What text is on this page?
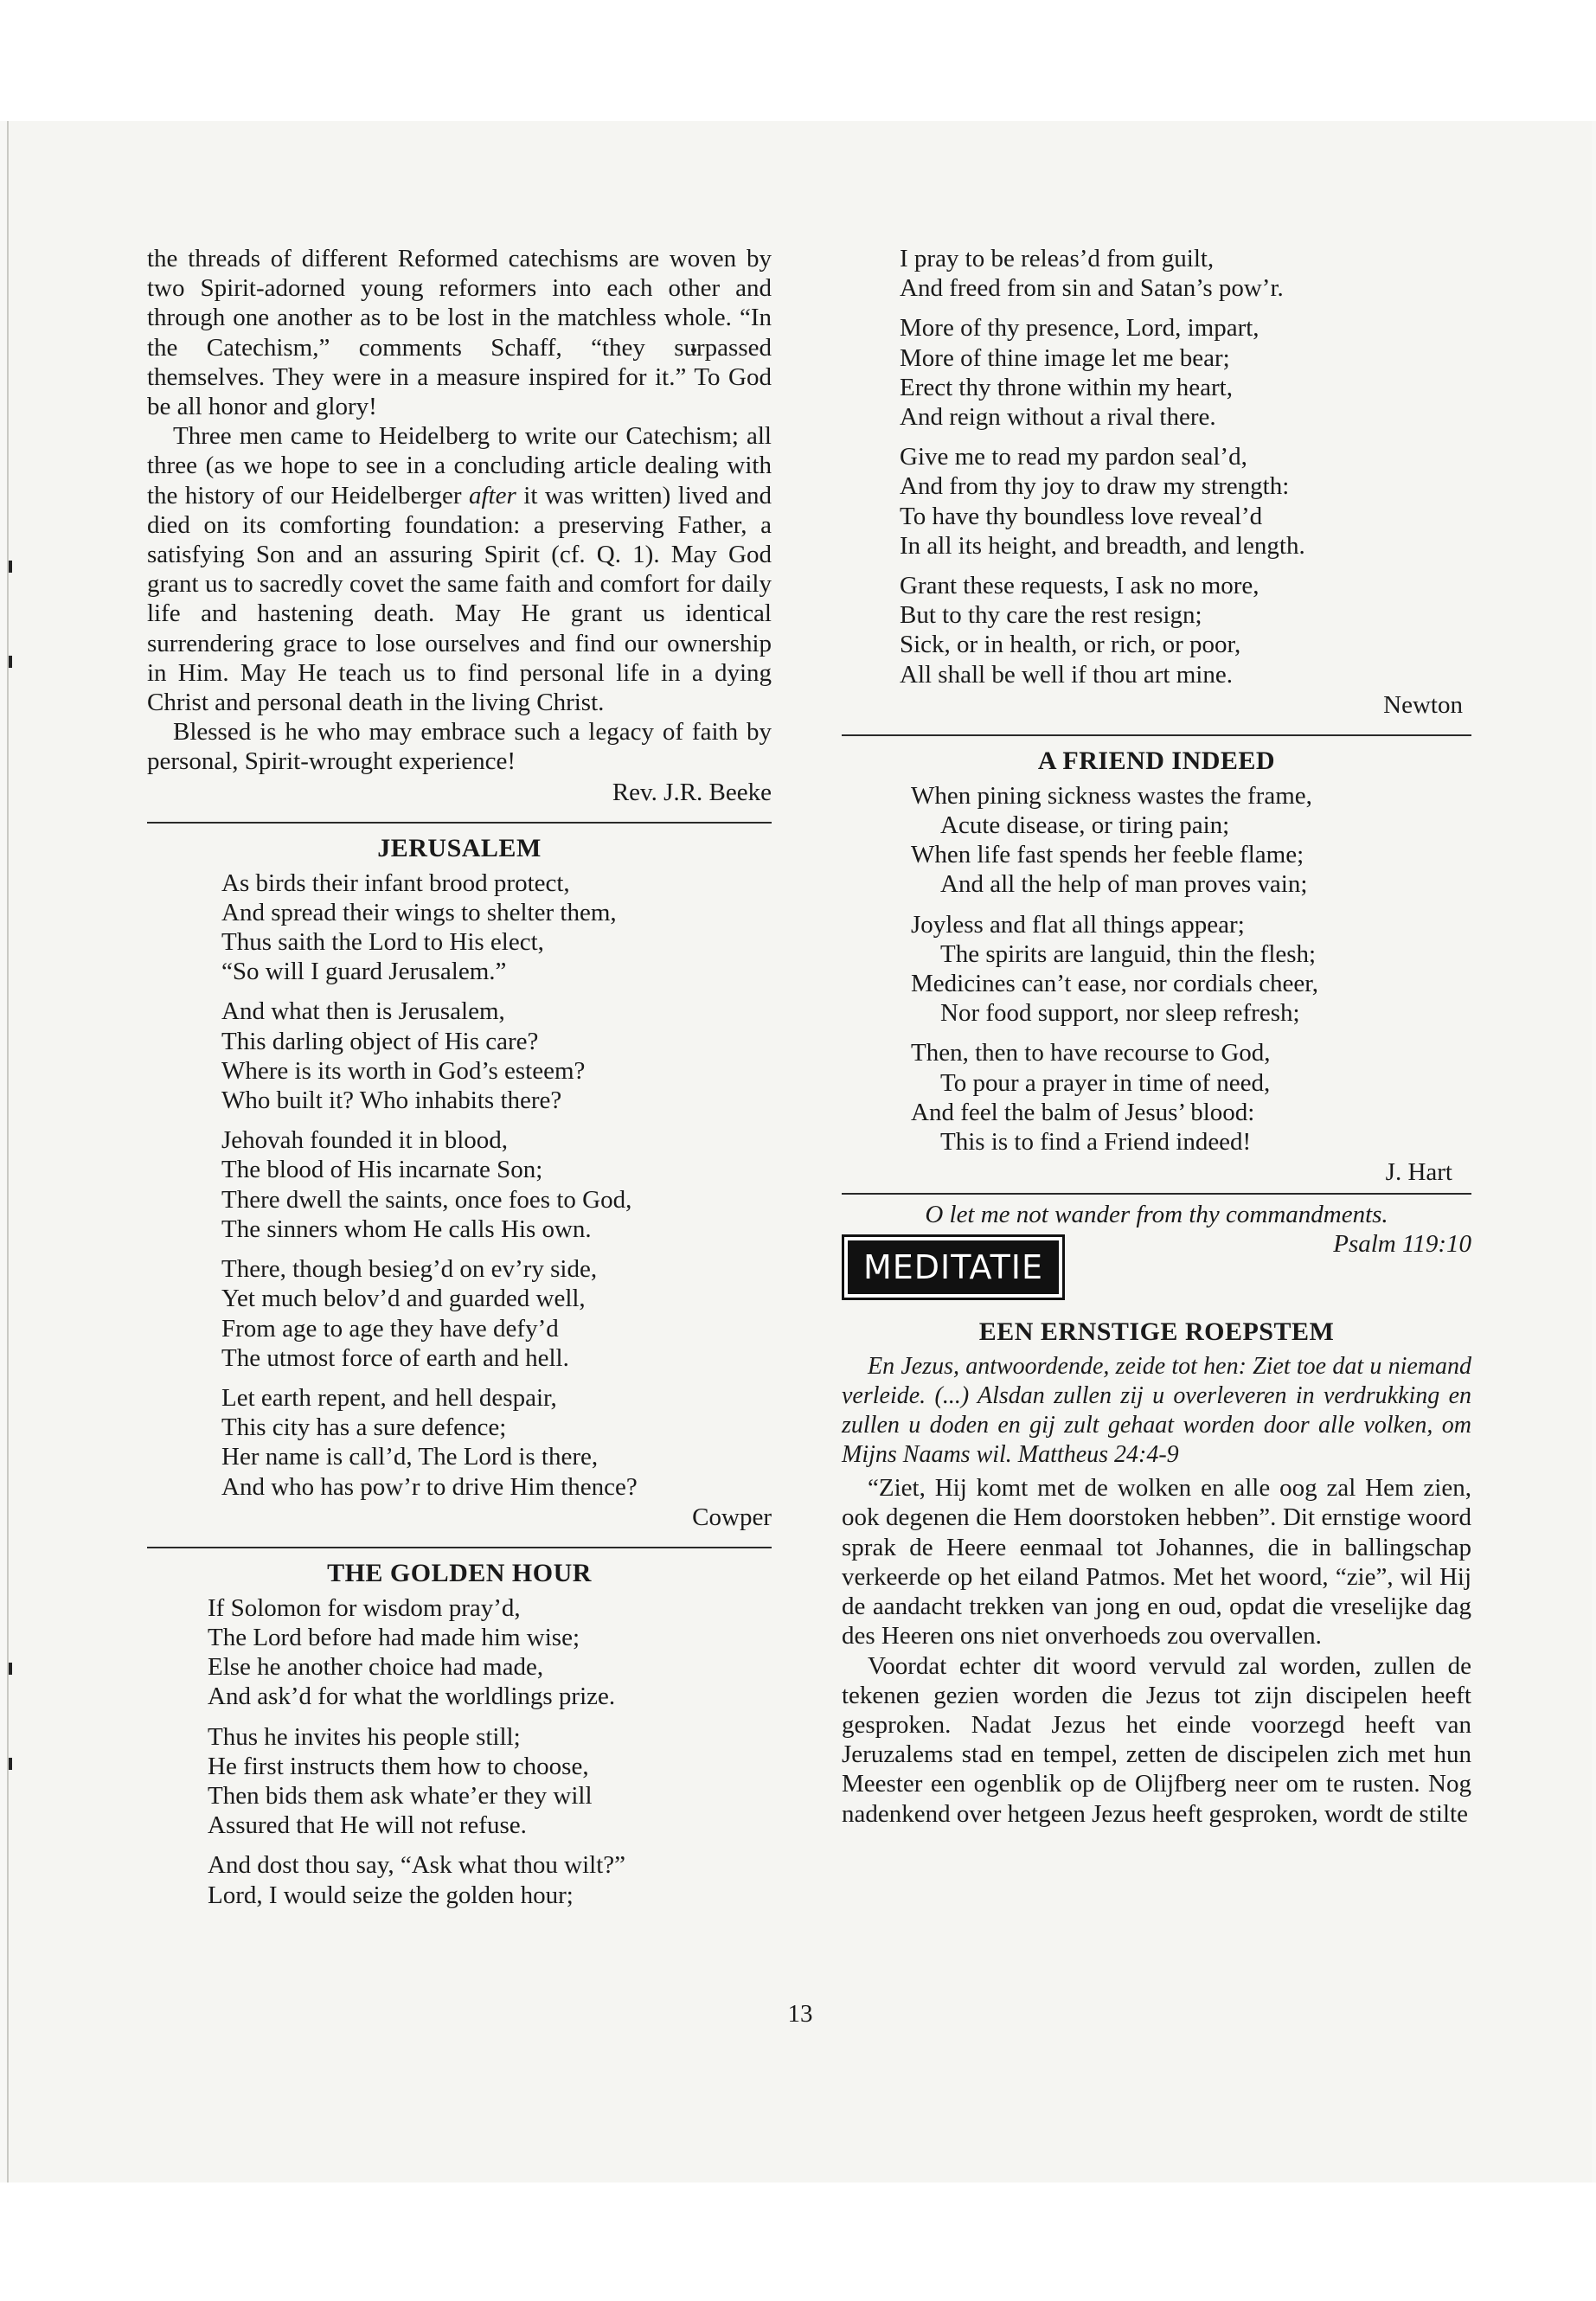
the threads of different Reformed catechisms are woven by two Spirit-adorned young reformers into each other and through one another as to be lost in the matchless whole. “In the Catechism,” comments Schaff, “they surpassed themselves. They were in a measure inspired for it.” To God be all honor and glory!

Three men came to Heidelberg to write our Catechism; all three (as we hope to see in a concluding article dealing with the history of our Heidelberger after it was written) lived and died on its comforting foundation: a preserving Father, a satisfying Son and an assuring Spirit (cf. Q. 1). May God grant us to sacredly covet the same faith and comfort for daily life and hastening death. May He grant us identical surrendering grace to lose ourselves and find our ownership in Him. May He teach us to find personal life in a dying Christ and personal death in the living Christ.

Blessed is he who may embrace such a legacy of faith by personal, Spirit-wrought experience!

Rev. J.R. Beeke

JERUSALEM

As birds their infant brood protect,
And spread their wings to shelter them,
Thus saith the Lord to His elect,
“So will I guard Jerusalem.”
And what then is Jerusalem,
This darling object of His care?
Where is its worth in God’s esteem?
Who built it? Who inhabits there?
Jehovah founded it in blood,
The blood of His incarnate Son;
There dwell the saints, once foes to God,
The sinners whom He calls His own.
There, though besieg’d on ev’ry side,
Yet much belov’d and guarded well,
From age to age they have defy’d
The utmost force of earth and hell.
Let earth repent, and hell despair,
This city has a sure defence;
Her name is call’d, The Lord is there,
And who has pow’r to drive Him thence?

Cowper

THE GOLDEN HOUR

If Solomon for wisdom pray’d,
The Lord before had made him wise;
Else he another choice had made,
And ask’d for what the worldlings prize.
Thus he invites his people still;
He first instructs them how to choose,
Then bids them ask whate’er they will
Assured that He will not refuse.
And dost thou say, “Ask what thou wilt?”
Lord, I would seize the golden hour;
I pray to be releas’d from guilt,
And freed from sin and Satan’s pow’r.
More of thy presence, Lord, impart,
More of thine image let me bear;
Erect thy throne within my heart,
And reign without a rival there.
Give me to read my pardon seal’d,
And from thy joy to draw my strength:
To have thy boundless love reveal’d
In all its height, and breadth, and length.
Grant these requests, I ask no more,
But to thy care the rest resign;
Sick, or in health, or rich, or poor,
All shall be well if thou art mine.

Newton

A FRIEND INDEED

When pining sickness wastes the frame,
Acute disease, or tiring pain;
When life fast spends her feeble flame;
And all the help of man proves vain;
Joyless and flat all things appear;
The spirits are languid, thin the flesh;
Medicines can’t ease, nor cordials cheer,
Nor food support, nor sleep refresh;
Then, then to have recourse to God,
To pour a prayer in time of need,
And feel the balm of Jesus’ blood:
This is to find a Friend indeed!

J. Hart

O let me not wander from thy commandments.

Psalm 119:10

MEDITATIE

EEN ERNSTIGE ROEPSTEM

En Jezus, antwoordende, zeide tot hen: Ziet toe dat u niemand verleide. (...) Alsdan zullen zij u overleveren in verdrukking en zullen u doden en gij zult gehaat worden door alle volken, om Mijns Naams wil. Mattheus 24:4-9

“Ziet, Hij komt met de wolken en alle oog zal Hem zien, ook degenen die Hem doorstoken hebben”. Dit ernstige woord sprak de Heere eenmaal tot Johannes, die in ballingschap verkeerde op het eiland Patmos. Met het woord, “zie”, wil Hij de aandacht trekken van jong en oud, opdat die vreselijke dag des Heeren ons niet onverhoeds zou overvallen.

Voordat echter dit woord vervuld zal worden, zullen de tekenen gezien worden die Jezus tot zijn discipelen heeft gesproken. Nadat Jezus het einde voorzegd heeft van Jeruzalems stad en tempel, zetten de discipelen zich met hun Meester een ogenblik op de Olijfberg neer om te rusten. Nog nadenkend over hetgeen Jezus heeft gesproken, wordt de stilte

13
